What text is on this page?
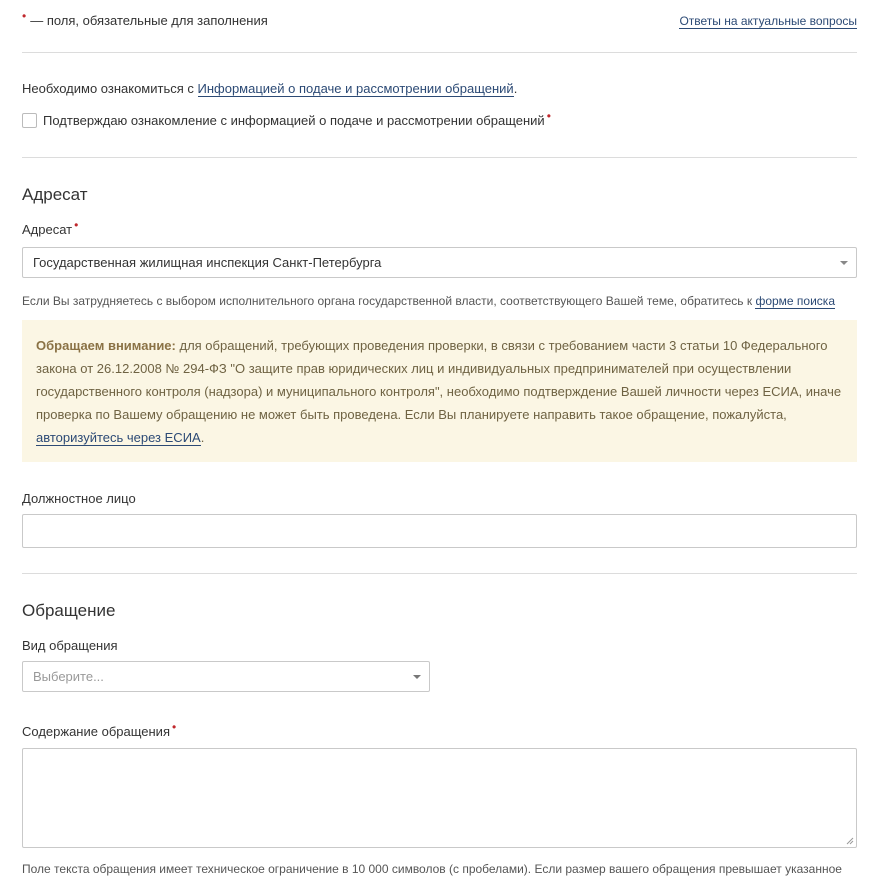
• — поля, обязательные для заполнения	Ответы на актуальные вопросы
Необходимо ознакомиться с Информацией о подаче и рассмотрении обращений.
Подтверждаю ознакомление с информацией о подаче и рассмотрении обращений •
Адресат
Адресат •
Государственная жилищная инспекция Санкт-Петербурга
Если Вы затрудняетесь с выбором исполнительного органа государственной власти, соответствующего Вашей теме, обратитесь к форме поиска
Обращаем внимание: для обращений, требующих проведения проверки, в связи с требованием части 3 статьи 10 Федерального закона от 26.12.2008 № 294-ФЗ "О защите прав юридических лиц и индивидуальных предпринимателей при осуществлении государственного контроля (надзора) и муниципального контроля", необходимо подтверждение Вашей личности через ЕСИА, иначе проверка по Вашему обращению не может быть проведена. Если Вы планируете направить такое обращение, пожалуйста, авторизуйтесь через ЕСИА.
Должностное лицо
Обращение
Вид обращения
Выберите...
Содержание обращения •
Поле текста обращения имеет техническое ограничение в 10 000 символов (с пробелами). Если размер вашего обращения превышает указанное
